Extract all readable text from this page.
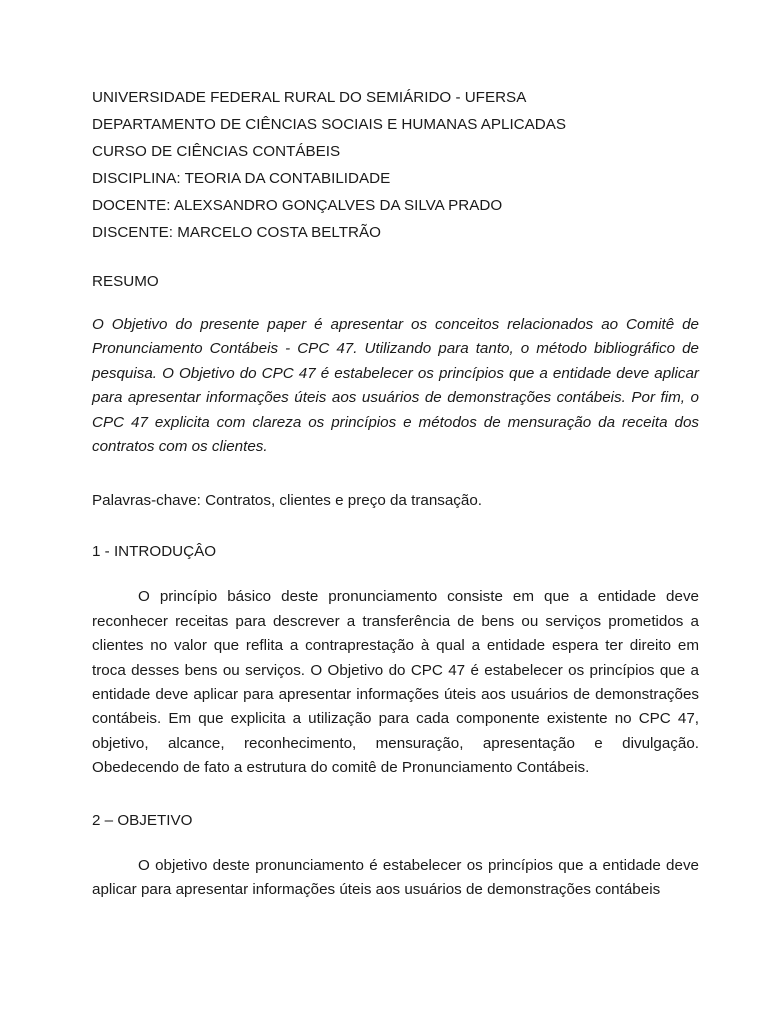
UNIVERSIDADE FEDERAL RURAL DO SEMIÁRIDO - UFERSA

DEPARTAMENTO DE CIÊNCIAS SOCIAIS E HUMANAS APLICADAS

CURSO DE CIÊNCIAS CONTÁBEIS

DISCIPLINA: TEORIA DA CONTABILIDADE

DOCENTE: ALEXSANDRO GONÇALVES DA SILVA PRADO

DISCENTE: MARCELO COSTA BELTRÃO

RESUMO

O Objetivo do presente paper é apresentar os conceitos relacionados ao Comitê de Pronunciamento Contábeis - CPC 47. Utilizando para tanto, o método bibliográfico de pesquisa. O Objetivo do CPC 47 é estabelecer os princípios que a entidade deve aplicar para apresentar informações úteis aos usuários de demonstrações contábeis. Por fim, o CPC 47 explicita com clareza os princípios e métodos de mensuração da receita dos contratos com os clientes.

Palavras-chave: Contratos, clientes e preço da transação.

1 - INTRODUÇÂO

O princípio básico deste pronunciamento consiste em que a entidade deve reconhecer receitas para descrever a transferência de bens ou serviços prometidos a clientes no valor que reflita a contraprestação à qual a entidade espera ter direito em troca desses bens ou serviços. O Objetivo do CPC 47 é estabelecer os princípios que a entidade deve aplicar para apresentar informações úteis aos usuários de demonstrações contábeis. Em que explicita a utilização para cada componente existente no CPC 47, objetivo, alcance, reconhecimento, mensuração, apresentação e divulgação. Obedecendo de fato a estrutura do comitê de Pronunciamento Contábeis.

2 – OBJETIVO

O objetivo deste pronunciamento é estabelecer os princípios que a entidade deve aplicar para apresentar informações úteis aos usuários de demonstrações contábeis
